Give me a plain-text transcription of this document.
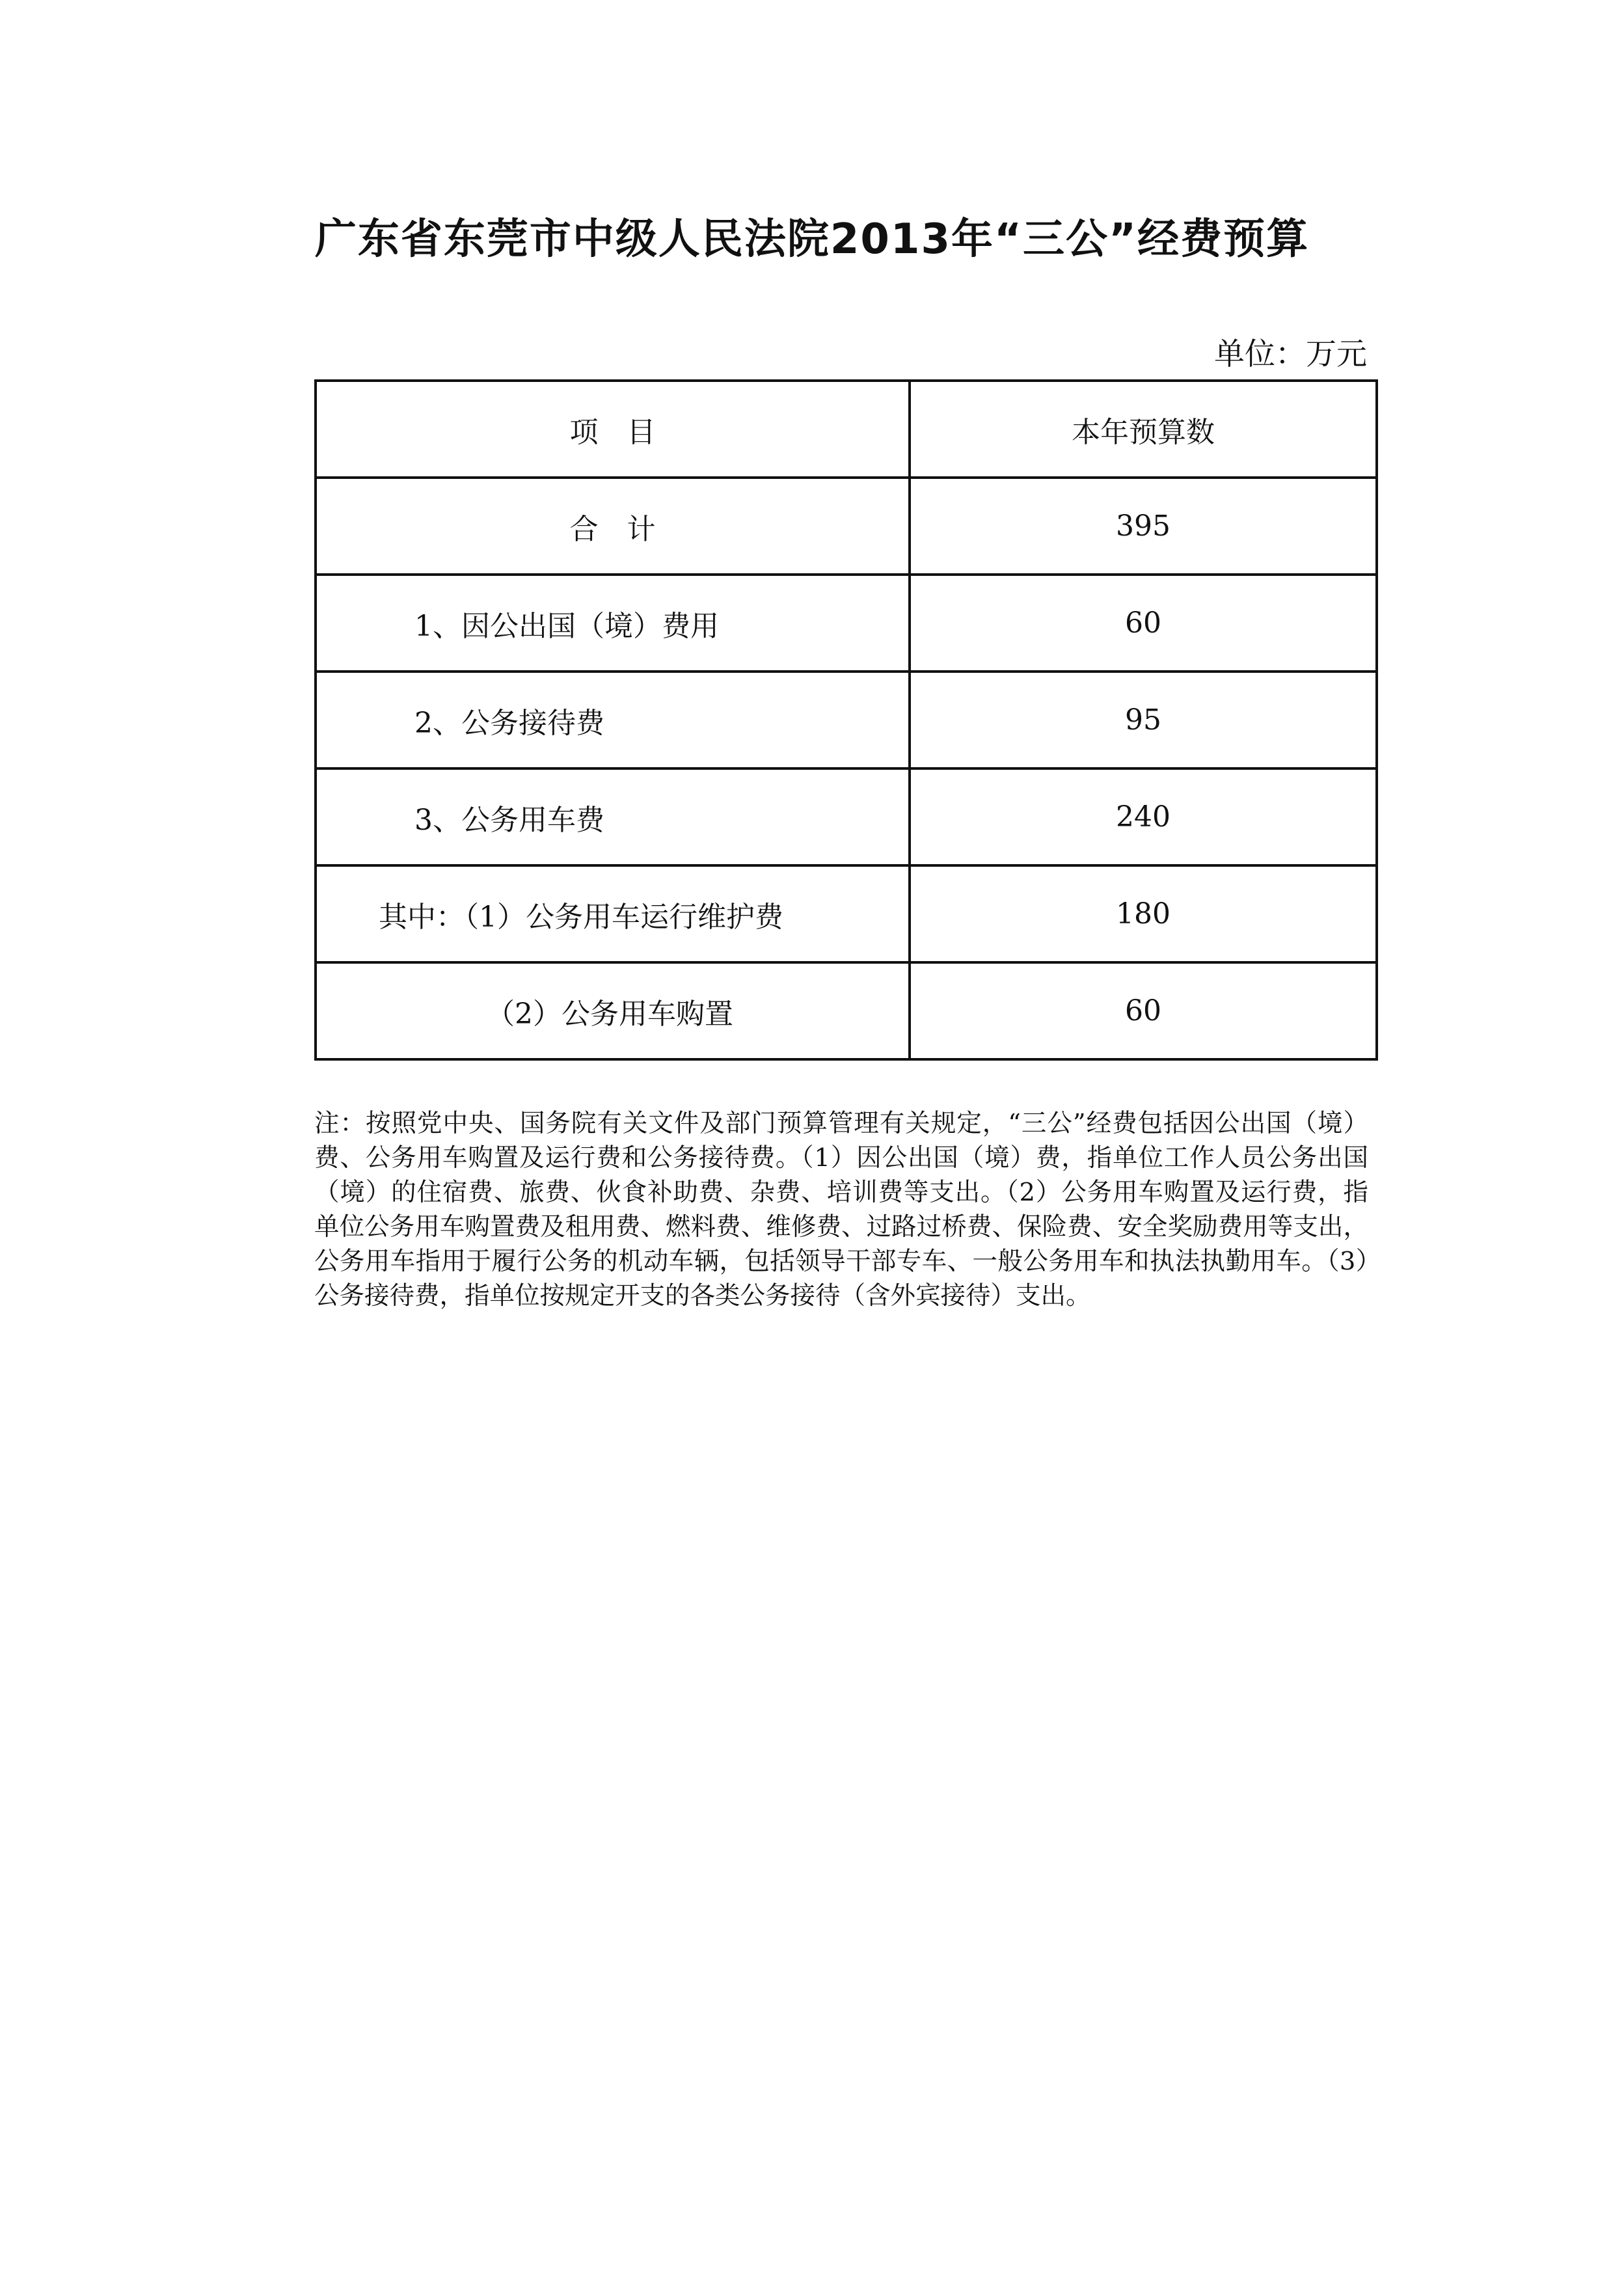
广东省东莞市中级人民法院2013年“三公”经费预算
单位：万元
项　目	本年预算数
合　计	395
1、因公出国（境）费用	60
2、公务接待费	95
3、公务用车费	240
其中：（1）公务用车运行维护费	180
（2）公务用车购置	60
注：按照党中央、国务院有关文件及部门预算管理有关规定，“三公”经费包括因公出国（境）费、公务用车购置及运行费和公务接待费。（1）因公出国（境）费，指单位工作人员公务出国（境）的住宿费、旅费、伙食补助费、杂费、培训费等支出。（2）公务用车购置及运行费，指单位公务用车购置费及租用费、燃料费、维修费、过路过桥费、保险费、安全奖励费用等支出，公务用车指用于履行公务的机动车辆，包括领导干部专车、一般公务用车和执法执勤用车。（3）公务接待费，指单位按规定开支的各类公务接待（含外宾接待）支出。
